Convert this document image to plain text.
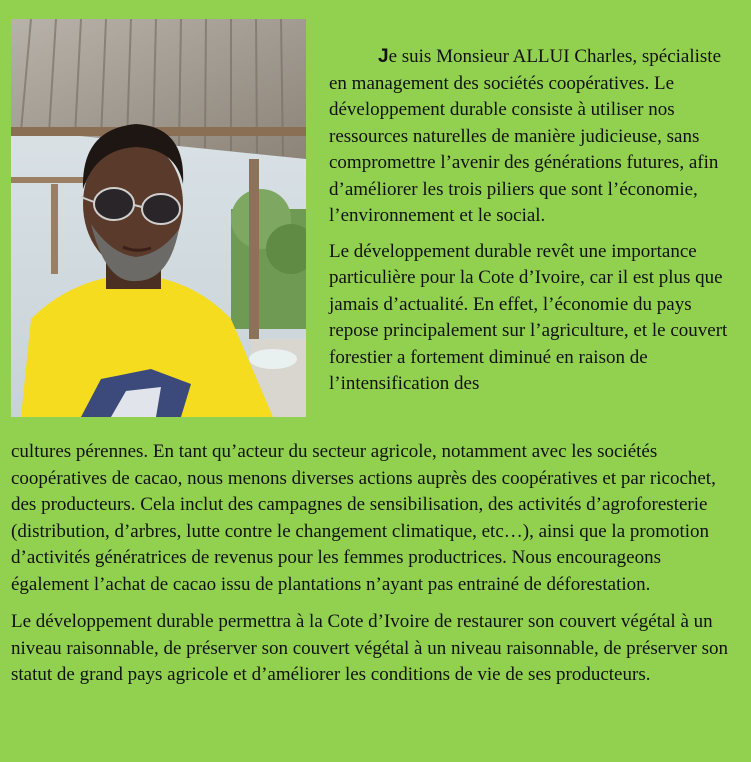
Je suis Monsieur ALLUI Charles, spécialiste en management des sociétés coopératives. Le développement durable consiste à utiliser nos ressources naturelles de manière judicieuse, sans compromettre l’avenir des générations futures, afin d’améliorer les trois piliers que sont l’économie, l’environnement et le social.

Le développement durable revêt une importance particulière pour la Cote d’Ivoire, car il est plus que jamais d’actualité. En effet, l’économie du pays repose principalement sur l’agriculture, et le couvert forestier a fortement diminué en raison de l’intensification des

cultures pérennes. En tant qu’acteur du secteur agricole, notamment avec les sociétés coopératives de cacao, nous menons diverses actions auprès des coopératives et par ricochet, des producteurs. Cela inclut des campagnes de sensibilisation, des activités d’agroforesterie (distribution, d’arbres, lutte contre le changement climatique, etc…), ainsi que la promotion d’activités génératrices de revenus pour les femmes productrices. Nous encourageons également l’achat de cacao issu de plantations n’ayant pas entrainé de déforestation.

Le développement durable permettra à la Cote d’Ivoire de restaurer son couvert végétal à un niveau raisonnable, de préserver son couvert végétal à un niveau raisonnable, de préserver son statut de grand pays agricole et d’améliorer les conditions de vie de ses producteurs.
